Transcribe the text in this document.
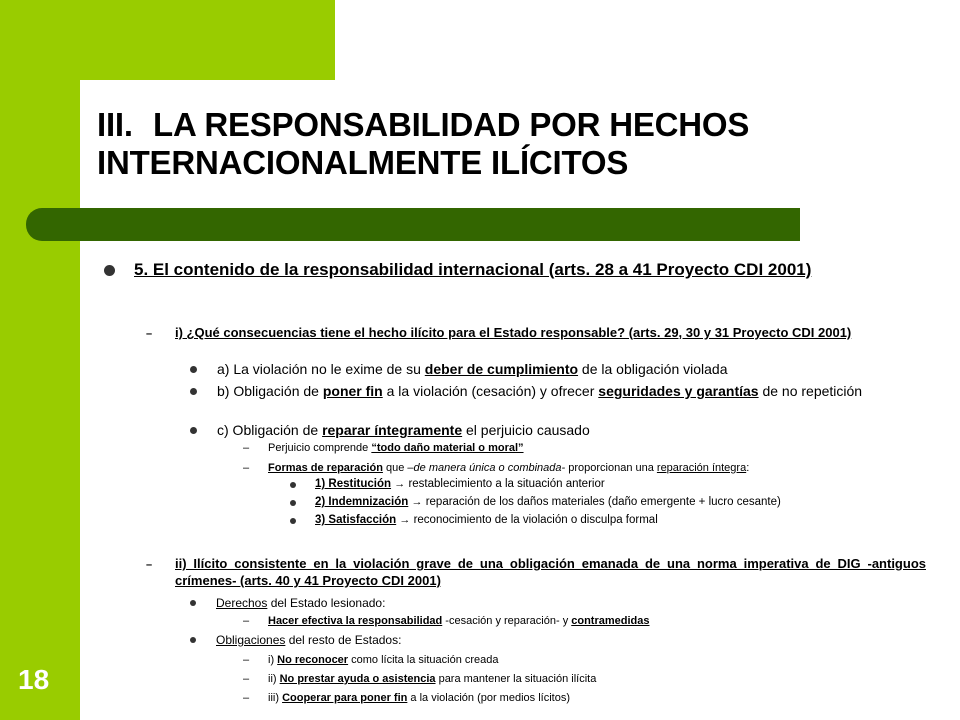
III. LA RESPONSABILIDAD POR HECHOS INTERNACIONALMENTE ILÍCITOS
18
5. El contenido de la responsabilidad internacional (arts. 28 a 41 Proyecto CDI 2001)
–	i) ¿Qué consecuencias tiene el hecho ilícito para el Estado responsable? (arts. 29, 30 y 31 Proyecto CDI 2001)
a) La violación no le exime de su deber de cumplimiento de la obligación violada
b) Obligación de poner fin a la violación (cesación) y ofrecer seguridades y garantías de no repetición
c) Obligación de reparar íntegramente el perjuicio causado
–	Perjuicio comprende “todo daño material o moral”
–	Formas de reparación que –de manera única o combinada- proporcionan una reparación íntegra:
1) Restitución → restablecimiento a la situación anterior
2) Indemnización → reparación de los daños materiales (daño emergente + lucro cesante)
3) Satisfacción → reconocimiento de la violación o disculpa formal
–	ii) Ilícito consistente en la violación grave de una obligación emanada de una norma imperativa de DIG -antiguos crímenes- (arts. 40 y 41 Proyecto CDI 2001)
Derechos del Estado lesionado:
–	Hacer efectiva la responsabilidad -cesación y reparación- y contramedidas
Obligaciones del resto de Estados:
–	i) No reconocer como lícita la situación creada
–	ii) No prestar ayuda o asistencia para mantener la situación ilícita
–	iii) Cooperar para poner fin a la violación (por medios lícitos)
